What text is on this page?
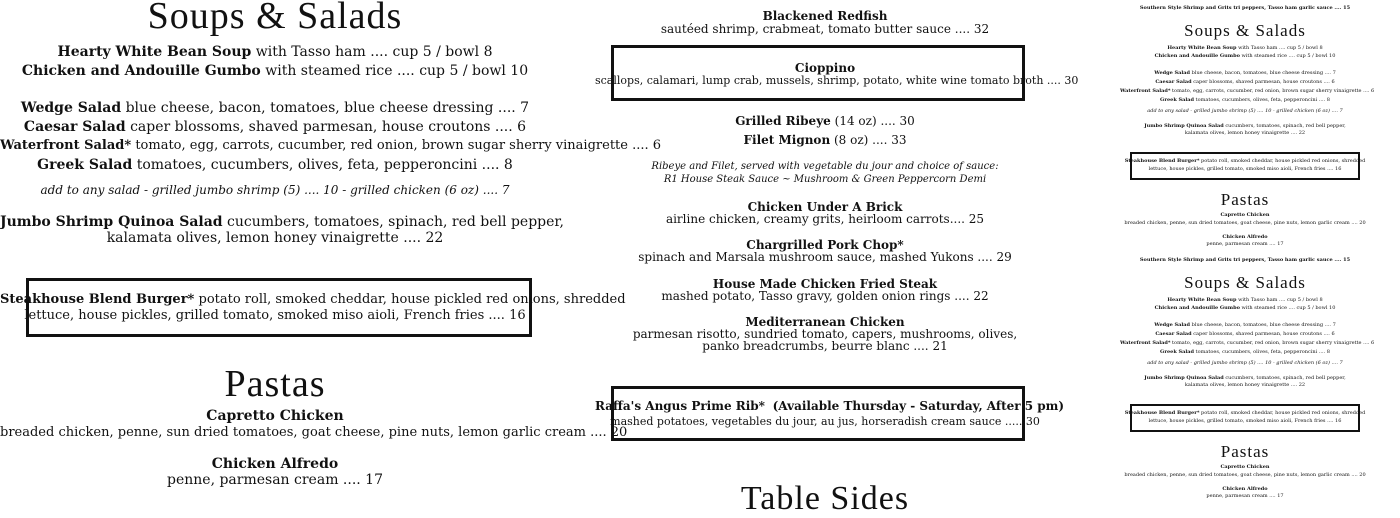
Soups & Salads
Hearty White Bean Soup with Tasso ham .... cup 5 / bowl 8
Chicken and Andouille Gumbo with steamed rice .... cup 5 / bowl 10
Wedge Salad blue cheese, bacon, tomatoes, blue cheese dressing .... 7
Caesar Salad caper blossoms, shaved parmesan, house croutons .... 6
Waterfront Salad* tomato, egg, carrots, cucumber, red onion, brown sugar sherry vinaigrette .... 6
Greek Salad tomatoes, cucumbers, olives, feta, pepperoncini .... 8
add to any salad - grilled jumbo shrimp (5) .... 10 - grilled chicken (6 oz) .... 7
Jumbo Shrimp Quinoa Salad cucumbers, tomatoes, spinach, red bell pepper,
kalamata olives, lemon honey vinaigrette .... 22
Steakhouse Blend Burger* potato roll, smoked cheddar, house pickled red onions, shredded
lettuce, house pickles, grilled tomato, smoked miso aioli, French fries .... 16
Pastas
Capretto Chicken
breaded chicken, penne, sun dried tomatoes, goat cheese, pine nuts, lemon garlic cream .... 20
Chicken Alfredo
penne, parmesan cream .... 17
Blackened Redfish
sautéed shrimp, crabmeat, tomato butter sauce .... 32
Cioppino
scallops, calamari, lump crab, mussels, shrimp, potato, white wine tomato broth .... 30
Grilled Ribeye (14 oz) .... 30
Filet Mignon (8 oz) .... 33
Ribeye and Filet, served with vegetable du jour and choice of sauce:
R1 House Steak Sauce ~ Mushroom & Green Peppercorn Demi
Chicken Under A Brick
airline chicken, creamy grits, heirloom carrots.... 25
Chargrilled Pork Chop*
spinach and Marsala mushroom sauce, mashed Yukons .... 29
House Made Chicken Fried Steak
mashed potato, Tasso gravy, golden onion rings .... 22
Mediterranean Chicken
parmesan risotto, sundried tomato, capers, mushrooms, olives,
panko breadcrumbs, beurre blanc .... 21
Raffa's Angus Prime Rib* (Available Thursday - Saturday, After 5 pm)
mashed potatoes, vegetables du jour, au jus, horseradish cream sauce ..... 30
Table Sides
Southern Style Shrimp and Grits tri peppers, Tasso ham garlic sauce .... 15
Soups & Salads
Hearty White Bean Soup with Tasso ham .... cup 5 / bowl 8
Chicken and Andouille Gumbo with steamed rice .... cup 5 / bowl 10
Wedge Salad blue cheese, bacon, tomatoes, blue cheese dressing .... 7
Caesar Salad caper blossoms, shaved parmesan, house croutons .... 6
Waterfront Salad* tomato, egg, carrots, cucumber, red onion, brown sugar sherry vinaigrette .... 6
Greek Salad tomatoes, cucumbers, olives, feta, pepperoncini .... 8
add to any salad - grilled jumbo shrimp (5) .... 10 - grilled chicken (6 oz) .... 7
Jumbo Shrimp Quinoa Salad cucumbers, tomatoes, spinach, red bell pepper,
kalamata olives, lemon honey vinaigrette .... 22
Steakhouse Blend Burger* potato roll, smoked cheddar, house pickled red onions, shredded
lettuce, house pickles, grilled tomato, smoked miso aioli, French fries .... 16
Pastas
Capretto Chicken
breaded chicken, penne, sun dried tomatoes, goat cheese, pine nuts, lemon garlic cream .... 20
Chicken Alfredo
penne, parmesan cream .... 17
Southern Style Shrimp and Grits tri peppers, Tasso ham garlic sauce .... 15
Soups & Salads
Hearty White Bean Soup with Tasso ham .... cup 5 / bowl 8
Chicken and Andouille Gumbo with steamed rice .... cup 5 / bowl 10
Wedge Salad blue cheese, bacon, tomatoes, blue cheese dressing .... 7
Caesar Salad caper blossoms, shaved parmesan, house croutons .... 6
Waterfront Salad* tomato, egg, carrots, cucumber, red onion, brown sugar sherry vinaigrette .... 6
Greek Salad tomatoes, cucumbers, olives, feta, pepperoncini .... 8
add to any salad - grilled jumbo shrimp (5) .... 10 - grilled chicken (6 oz) .... 7
Jumbo Shrimp Quinoa Salad cucumbers, tomatoes, spinach, red bell pepper,
kalamata olives, lemon honey vinaigrette .... 22
Steakhouse Blend Burger* potato roll, smoked cheddar, house pickled red onions, shredded
lettuce, house pickles, grilled tomato, smoked miso aioli, French fries .... 16
Pastas
Capretto Chicken
breaded chicken, penne, sun dried tomatoes, goat cheese, pine nuts, lemon garlic cream .... 20
Chicken Alfredo
penne, parmesan cream .... 17
